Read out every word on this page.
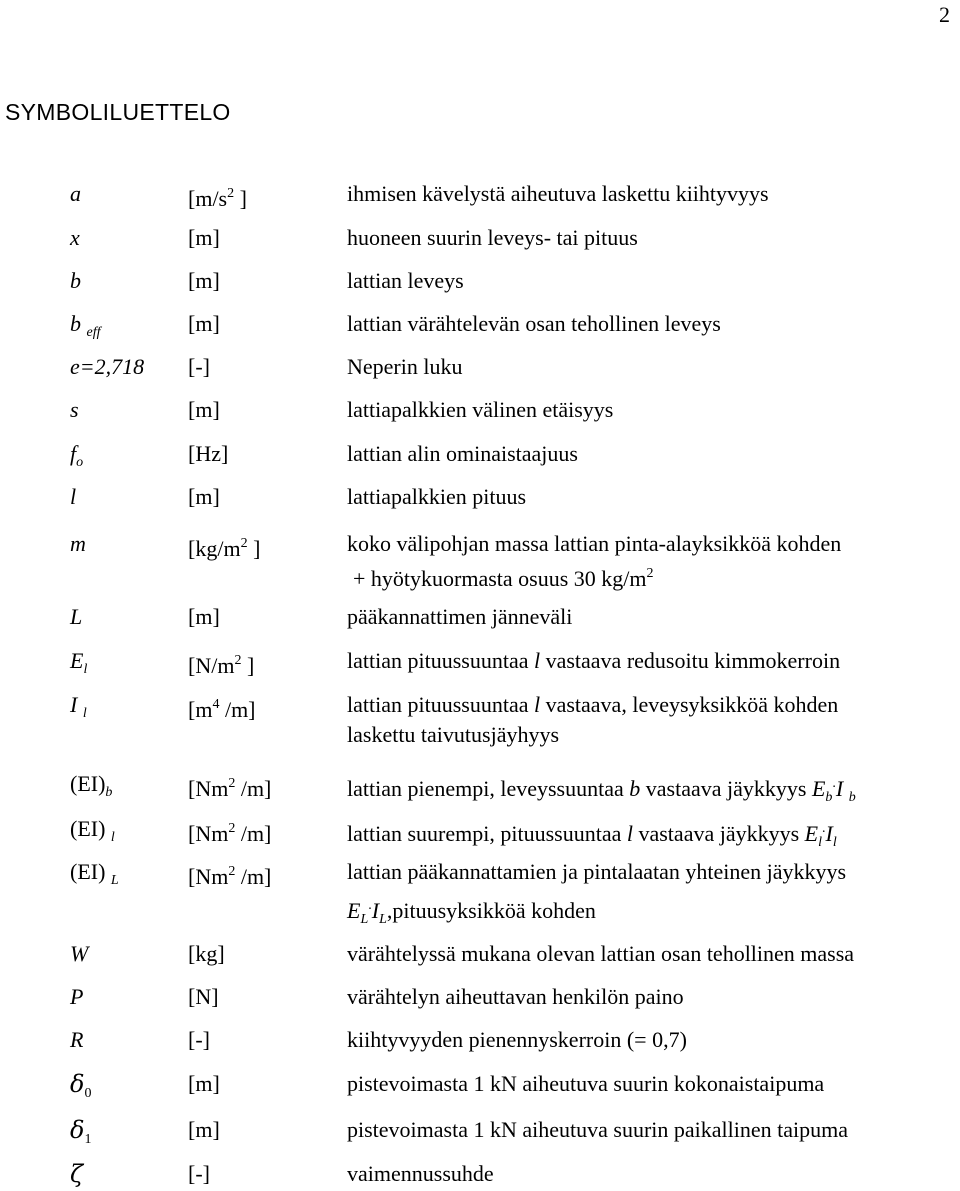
2
SYMBOLILUETTELO
a	[$m/s^2$ ]	ihmisen kävelystä aiheutuva laskettu kiihtyvyys
x	[m]	huoneen suurin leveys- tai pituus
b	[m]	lattian leveys
b $_{eff}$	[m]	lattian värähtelevän osan tehollinen leveys
e=2,718 [-]	Neperin luku
s	[m]	lattiapalkkien välinen etäisyys
$f_o$	[Hz]	lattian alin ominaistaajuus
l	[m]	lattiapalkkien pituus
m	[$kg/m^2$ ]	koko välipohjan massa lattian pinta-alayksikköä kohden
+ hyötykuormasta osuus 30 $kg/m^2$
L	[m]	pääkannattimen jänneväli
$E_l$	[$N/m^2$ ]	lattian pituussuuntaa l vastaava redusoitu kimmokerroin
I $_l$	[$m^4$ /m]	lattian pituussuuntaa l vastaava, leveysyksikköä kohden
laskettu taivutusjäyhyys
$(EI)_b$	[Nm$^2$ /m]	lattian pienempi, leveyssuuntaa b vastaava jäykkyys $E_b^.I$ $_b$
(EI) $_l$	[Nm$^2$ /m]	lattian suurempi, pituussuuntaa l vastaava jäykkyys $E_l^.I_l$
(EI) $_L$	[Nm$^2$ /m]	lattian pääkannattamien ja pintalaatan yhteinen jäykkyys
$E_L^.I_L,pituusyksikköä$ kohden
W	[kg]	värähtelyssä mukana olevan lattian osan tehollinen massa
P	[N]	värähtelyn aiheuttavan henkilön paino
R	[-]	kiihtyvyyden pienennyskerroin (= 0,7)
$\delta_0$	[m]	pistevoimasta 1 kN aiheutuva suurin kokonaistaipuma
$\delta_1$	[m]	pistevoimasta 1 kN aiheutuva suurin paikallinen taipuma
ζ	[-]	vaimennussuhde
